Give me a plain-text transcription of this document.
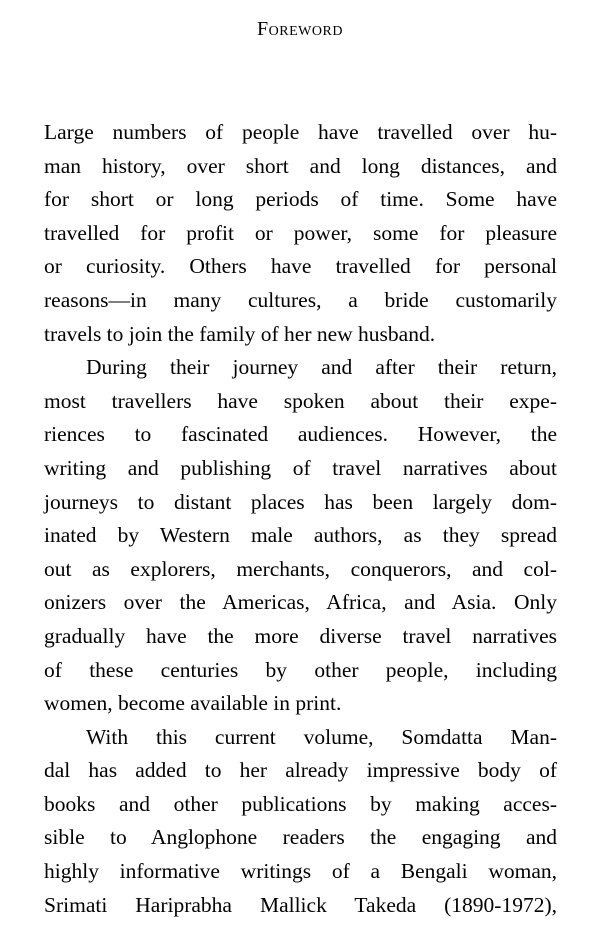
Foreword
Large numbers of people have travelled over hu-
man history, over short and long distances, and
for short or long periods of time. Some have
travelled for profit or power, some for pleasure
or curiosity. Others have travelled for personal
reasons—in many cultures, a bride customarily
travels to join the family of her new husband.
During their journey and after their return,
most travellers have spoken about their expe-
riences to fascinated audiences. However, the
writing and publishing of travel narratives about
journeys to distant places has been largely dom-
inated by Western male authors, as they spread
out as explorers, merchants, conquerors, and col-
onizers over the Americas, Africa, and Asia. Only
gradually have the more diverse travel narratives
of these centuries by other people, including
women, become available in print.
With this current volume, Somdatta Man-
dal has added to her already impressive body of
books and other publications by making acces-
sible to Anglophone readers the engaging and
highly informative writings of a Bengali woman,
Srimati Hariprabha Mallick Takeda (1890-1972),
